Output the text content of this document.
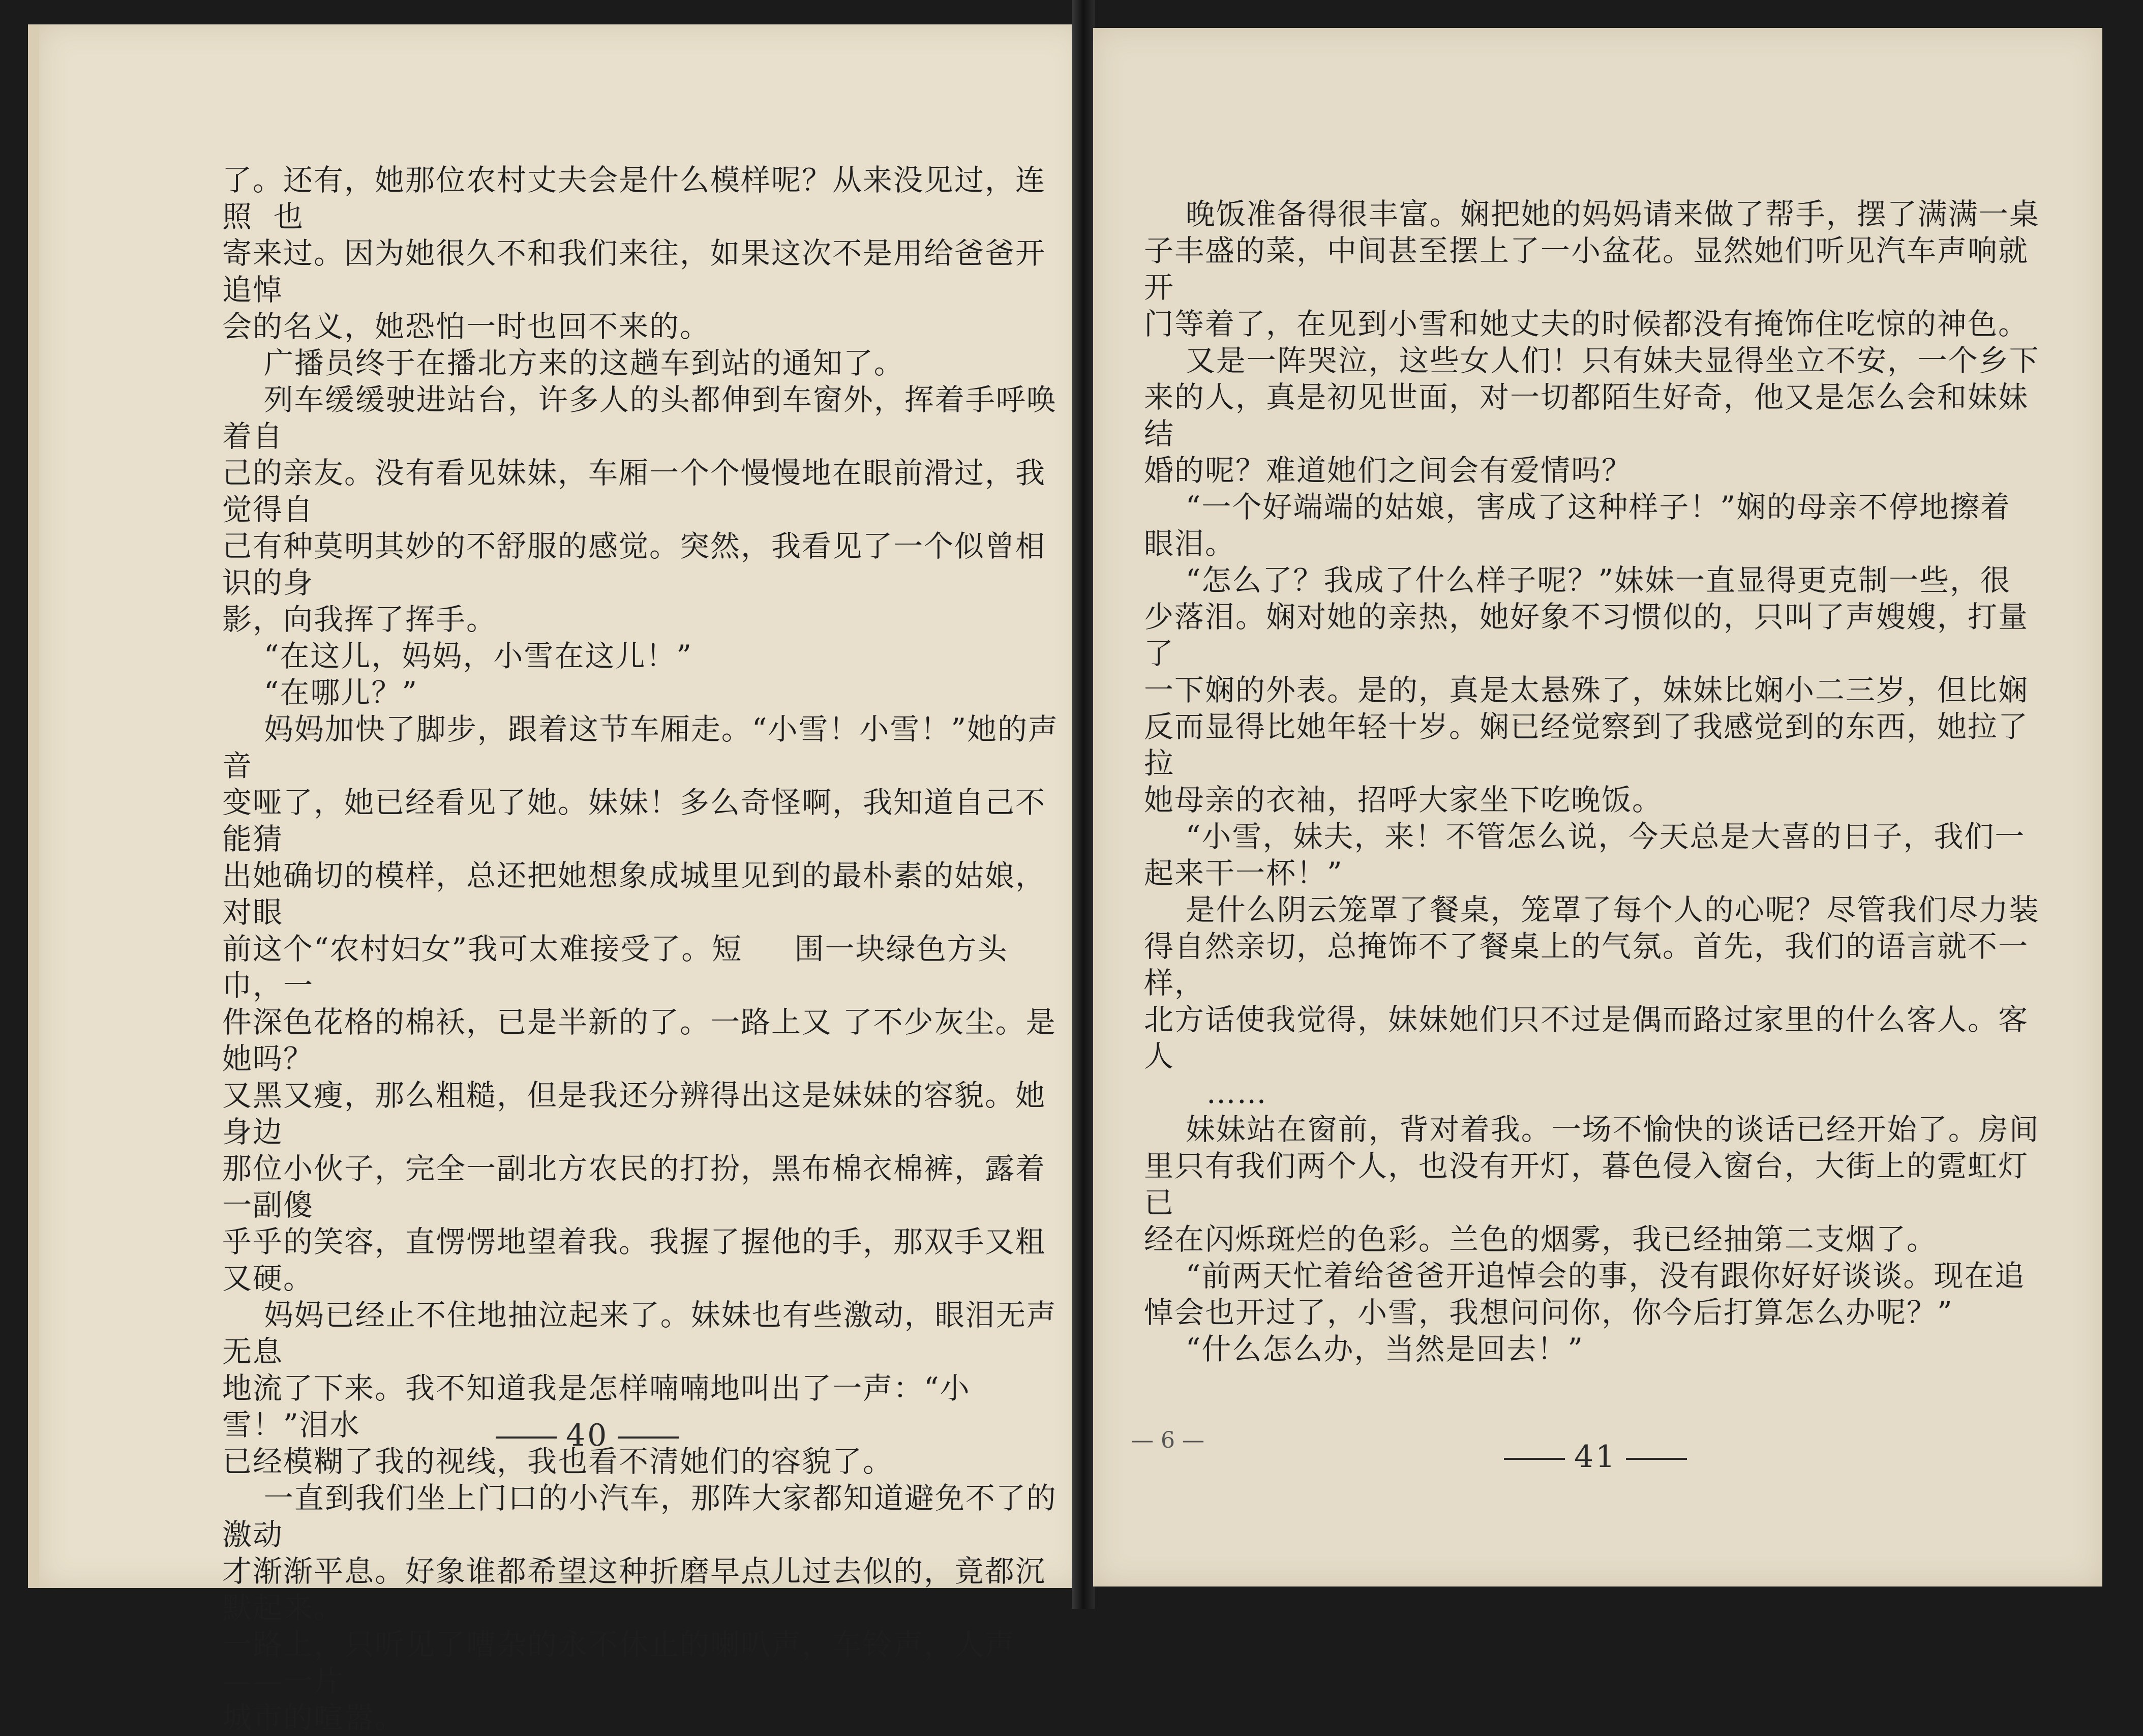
了。还有，她那位农村丈夫会是什么模样呢？从来没见过，连照  也

寄来过。因为她很久不和我们来往，如果这次不是用给爸爸开追悼

会的名义，她恐怕一时也回不来的。

广播员终于在播北方来的这趟车到站的通知了。

列车缓缓驶进站台，许多人的头都伸到车窗外，挥着手呼唤着自

己的亲友。没有看见妹妹，车厢一个个慢慢地在眼前滑过，我觉得自

己有种莫明其妙的不舒服的感觉。突然，我看见了一个似曾相识的身

影，向我挥了挥手。

“在这儿，妈妈，小雪在这儿！”

“在哪儿？”

妈妈加快了脚步，跟着这节车厢走。“小雪！小雪！”她的声音

变哑了，她已经看见了她。妹妹！多么奇怪啊，我知道自己不能猜

出她确切的模样，总还把她想象成城里见到的最朴素的姑娘，对眼

前这个“农村妇女”我可太难接受了。短     围一块绿色方头巾，一

件深色花格的棉袄，已是半新的了。一路上又 了不少灰尘。是她吗？

又黑又瘦，那么粗糙，但是我还分辨得出这是妹妹的容貌。她身边

那位小伙子，完全一副北方农民的打扮，黑布棉衣棉裤，露着一副傻

乎乎的笑容，直愣愣地望着我。我握了握他的手，那双手又粗又硬。

妈妈已经止不住地抽泣起来了。妹妹也有些激动，眼泪无声无息

地流了下来。我不知道我是怎样喃喃地叫出了一声：“小雪！”泪水

已经模糊了我的视线，我也看不清她们的容貌了。

一直到我们坐上门口的小汽车，那阵大家都知道避免不了的激动

才渐渐平息。好象谁都希望这种折磨早点儿过去似的，竟都沉默起来。

一路上，只听见了嘈杂的永不休止的喇叭声，车铃声，人声——一片

城市的喧嚣。

40

晚饭准备得很丰富。娴把她的妈妈请来做了帮手，摆了满满一桌

子丰盛的菜，中间甚至摆上了一小盆花。显然她们听见汽车声响就开

门等着了，在见到小雪和她丈夫的时候都没有掩饰住吃惊的神色。

又是一阵哭泣，这些女人们！只有妹夫显得坐立不安，一个乡下

来的人，真是初见世面，对一切都陌生好奇，他又是怎么会和妹妹结

婚的呢？难道她们之间会有爱情吗？

“一个好端端的姑娘，害成了这种样子！”娴的母亲不停地擦着

眼泪。

“怎么了？我成了什么样子呢？”妹妹一直显得更克制一些，很

少落泪。娴对她的亲热，她好象不习惯似的，只叫了声嫂嫂，打量了

一下娴的外表。是的，真是太悬殊了，妹妹比娴小二三岁，但比娴

反而显得比她年轻十岁。娴已经觉察到了我感觉到的东西，她拉了拉

她母亲的衣袖，招呼大家坐下吃晚饭。

“小雪，妹夫，来！不管怎么说，今天总是大喜的日子，我们一

起来干一杯！”

是什么阴云笼罩了餐桌，笼罩了每个人的心呢？尽管我们尽力装

得自然亲切，总掩饰不了餐桌上的气氛。首先，我们的语言就不一样，

北方话使我觉得，妹妹她们只不过是偶而路过家里的什么客人。客人

……

妹妹站在窗前，背对着我。一场不愉快的谈话已经开始了。房间

里只有我们两个人，也没有开灯，暮色侵入窗台，大街上的霓虹灯已

经在闪烁斑烂的色彩。兰色的烟雾，我已经抽第二支烟了。

“前两天忙着给爸爸开追悼会的事，没有跟你好好谈谈。现在追

悼会也开过了，小雪，我想问问你，你今后打算怎么办呢？”

“什么怎么办，当然是回去！”

— 6 —	41
